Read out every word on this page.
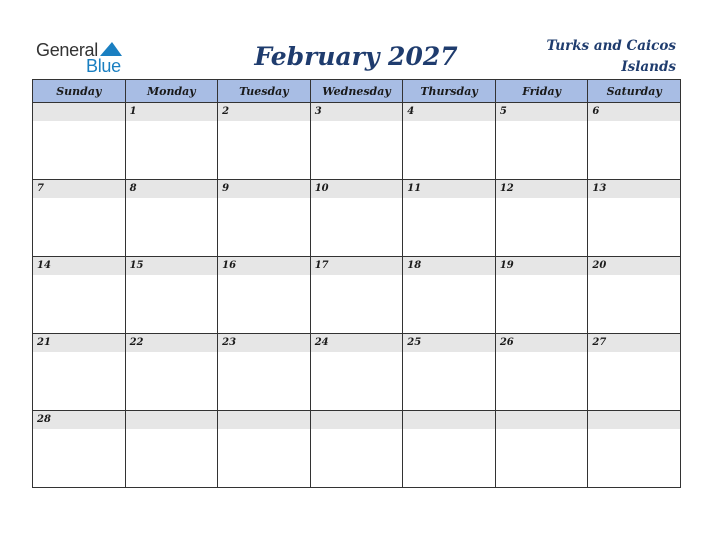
General
Blue	February 2027	Turks and Caicos
Islands
Sunday	Monday	Tuesday	Wednesday	Thursday	Friday	Saturday

	1	2	3	4	5	6

7	8	9	10	11	12	13

14	15	16	17	18	19	20

21	22	23	24	25	26	27

28						
